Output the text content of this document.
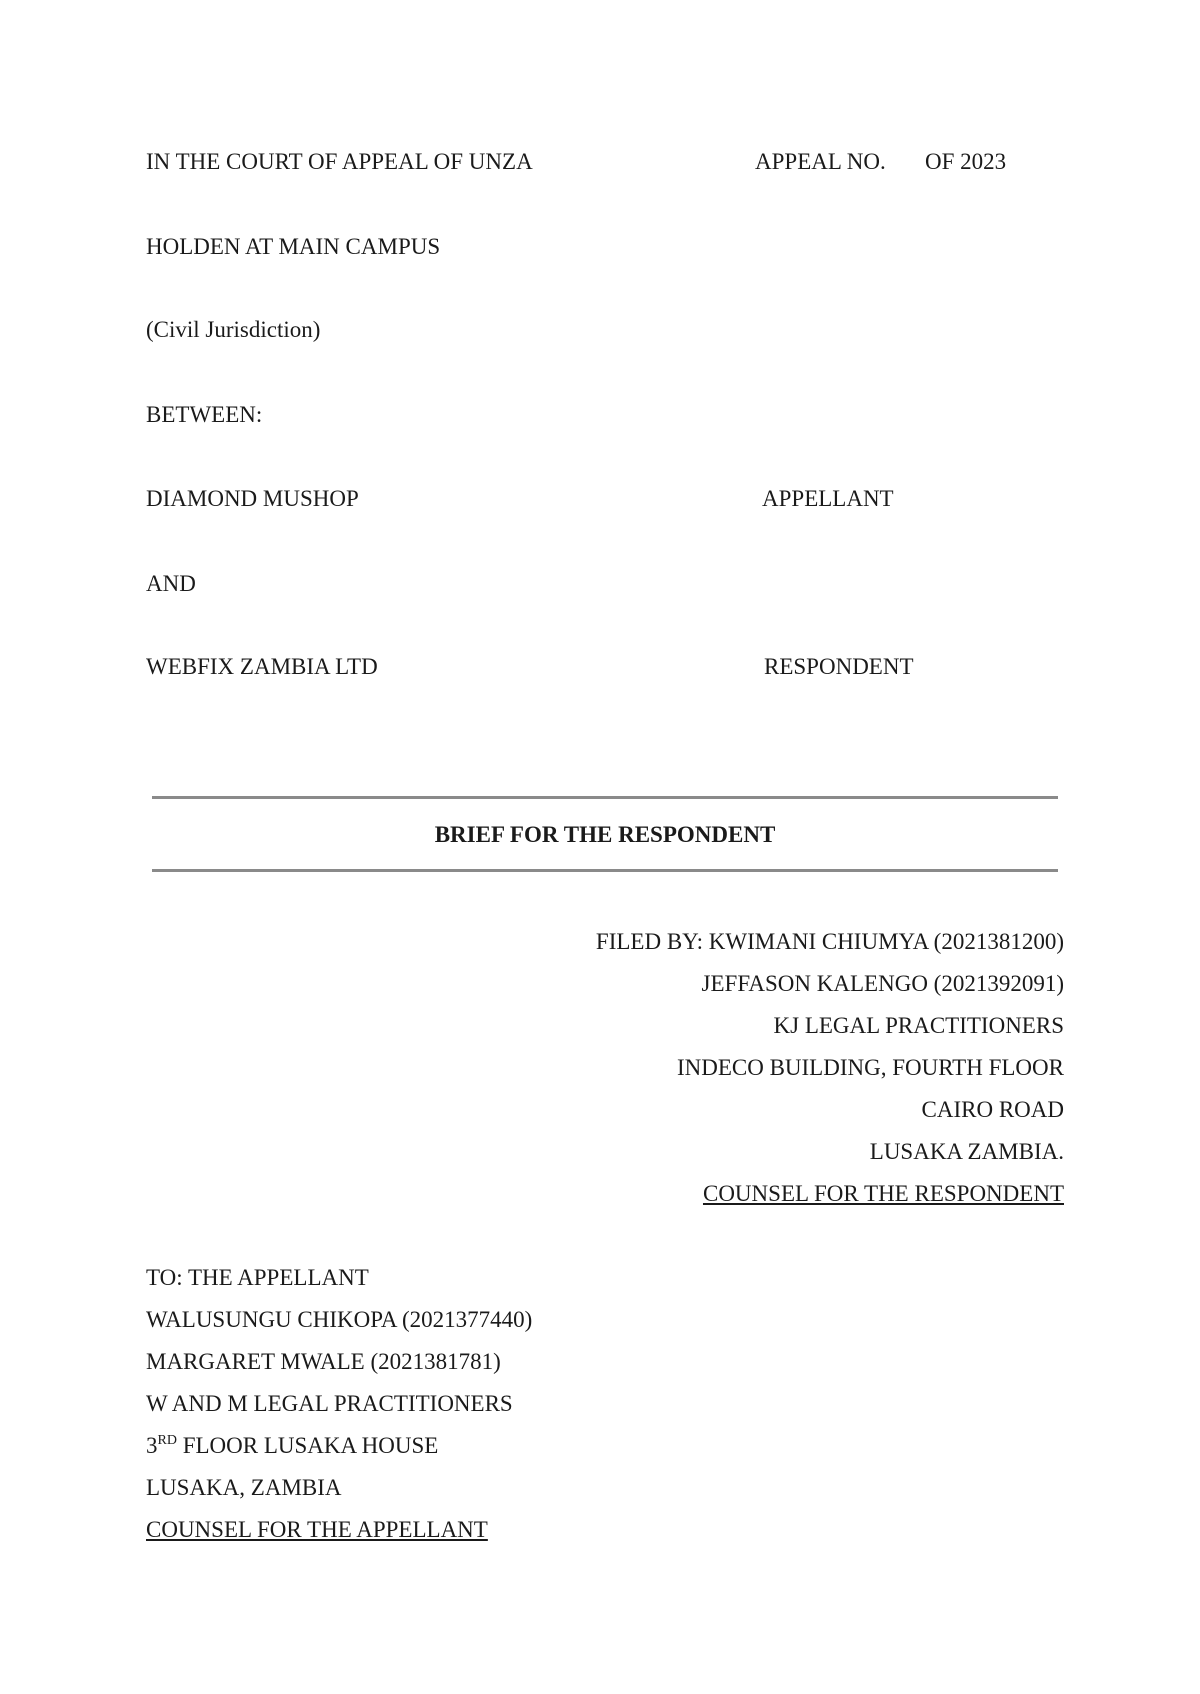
IN THE COURT OF APPEAL OF UNZA	APPEAL NO. OF 2023
HOLDEN AT MAIN CAMPUS
(Civil Jurisdiction)
BETWEEN:
DIAMOND MUSHOP	APPELLANT
AND
WEBFIX ZAMBIA LTD	RESPONDENT
BRIEF FOR THE RESPONDENT
FILED BY: KWIMANI CHIUMYA (2021381200)
JEFFASON KALENGO (2021392091)
KJ LEGAL PRACTITIONERS
INDECO BUILDING, FOURTH FLOOR
CAIRO ROAD
LUSAKA ZAMBIA.
COUNSEL FOR THE RESPONDENT
TO: THE APPELLANT
WALUSUNGU CHIKOPA (2021377440)
MARGARET MWALE (2021381781)
W AND M LEGAL PRACTITIONERS
3RD FLOOR LUSAKA HOUSE
LUSAKA, ZAMBIA
COUNSEL FOR THE APPELLANT
